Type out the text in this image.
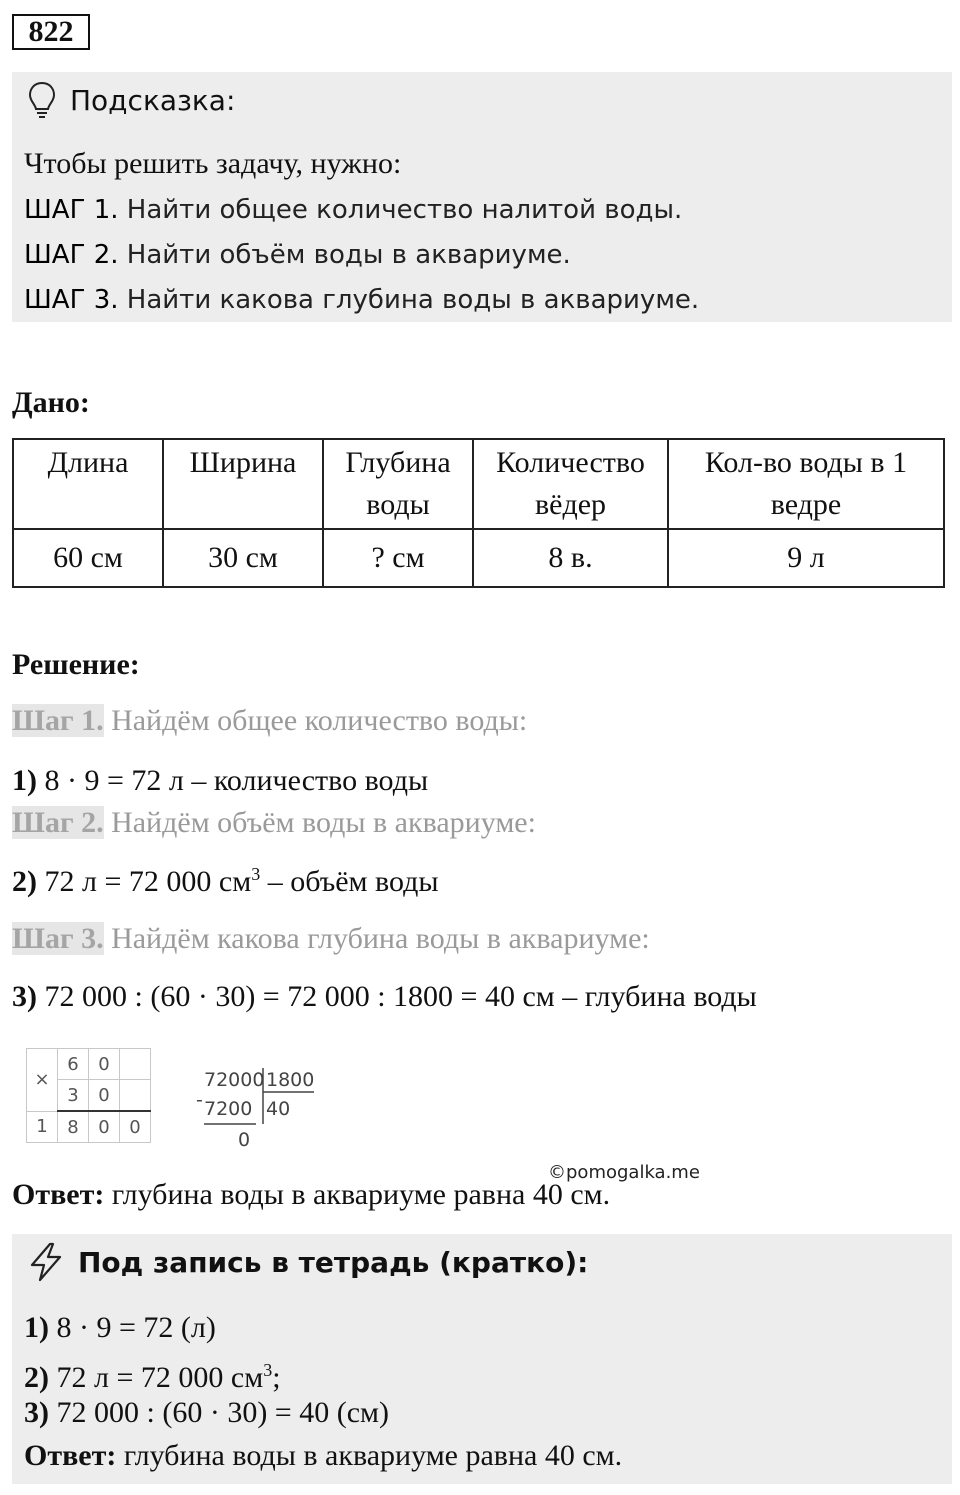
822
Подсказка:
Чтобы решить задачу, нужно:
ШАГ 1. Найти общее количество налитой воды.
ШАГ 2. Найти объём воды в аквариуме.
ШАГ 3. Найти какова глубина воды в аквариуме.
Дано:
Длина	Ширина	Глубина воды	Количество вёдер	Кол-во воды в 1 ведре
60 см	30 см	? см	8 в.	9 л
Решение:
Шаг 1. Найдём общее количество воды:
1) 8 · 9 = 72 л – количество воды
Шаг 2. Найдём объём воды в аквариуме:
2) 72 л = 72 000 $см^3$ – объём воды
Шаг 3. Найдём какова глубина воды в аквариуме:
3) 72 000 : (60 · 30) = 72 000 : 1800 = 40 см – глубина воды
×	6	0	
	3	0	
1	8	0	0
72000 1800
- 7200 40
0
©pomogalka.me
Ответ: глубина воды в аквариуме равна 40 см.
Под запись в тетрадь (кратко):
1) 8 · 9 = 72 (л)
2) 72 л = 72 000 $см^3$;
3) 72 000 : (60 · 30) = 40 (см)
Ответ: глубина воды в аквариуме равна 40 см.
